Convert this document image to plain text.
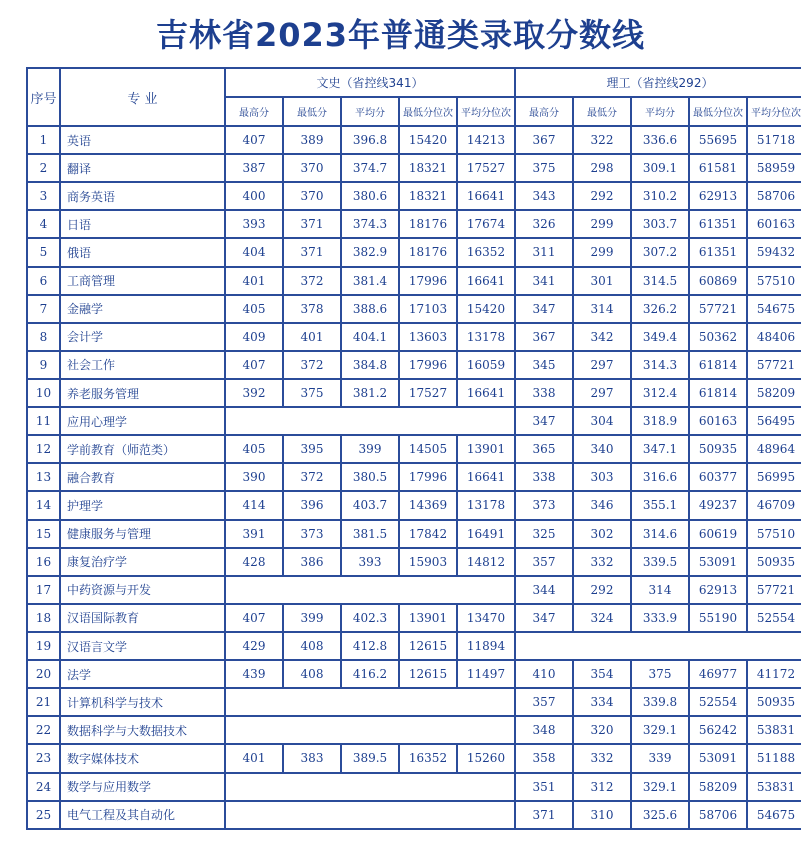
吉林省2023年普通类录取分数线
序号	专 业	文史（省控线341）					理工（省控线292）				
		最高分	最低分	平均分	最低分位次	平均分位次	最高分	最低分	平均分	最低分位次	平均分位次
1	英语	407	389	396.8	15420	14213	367	322	336.6	55695	51718
2	翻译	387	370	374.7	18321	17527	375	298	309.1	61581	58959
3	商务英语	400	370	380.6	18321	16641	343	292	310.2	62913	58706
4	日语	393	371	374.3	18176	17674	326	299	303.7	61351	60163
5	俄语	404	371	382.9	18176	16352	311	299	307.2	61351	59432
6	工商管理	401	372	381.4	17996	16641	341	301	314.5	60869	57510
7	金融学	405	378	388.6	17103	15420	347	314	326.2	57721	54675
8	会计学	409	401	404.1	13603	13178	367	342	349.4	50362	48406
9	社会工作	407	372	384.8	17996	16059	345	297	314.3	61814	57721
10	养老服务管理	392	375	381.2	17527	16641	338	297	312.4	61814	58209
11	应用心理学						347	304	318.9	60163	56495
12	学前教育（师范类）	405	395	399	14505	13901	365	340	347.1	50935	48964
13	融合教育	390	372	380.5	17996	16641	338	303	316.6	60377	56995
14	护理学	414	396	403.7	14369	13178	373	346	355.1	49237	46709
15	健康服务与管理	391	373	381.5	17842	16491	325	302	314.6	60619	57510
16	康复治疗学	428	386	393	15903	14812	357	332	339.5	53091	50935
17	中药资源与开发						344	292	314	62913	57721
18	汉语国际教育	407	399	402.3	13901	13470	347	324	333.9	55190	52554
19	汉语言文学	429	408	412.8	12615	11894					
20	法学	439	408	416.2	12615	11497	410	354	375	46977	41172
21	计算机科学与技术						357	334	339.8	52554	50935
22	数据科学与大数据技术						348	320	329.1	56242	53831
23	数字媒体技术	401	383	389.5	16352	15260	358	332	339	53091	51188
24	数学与应用数学						351	312	329.1	58209	53831
25	电气工程及其自动化						371	310	325.6	58706	54675
